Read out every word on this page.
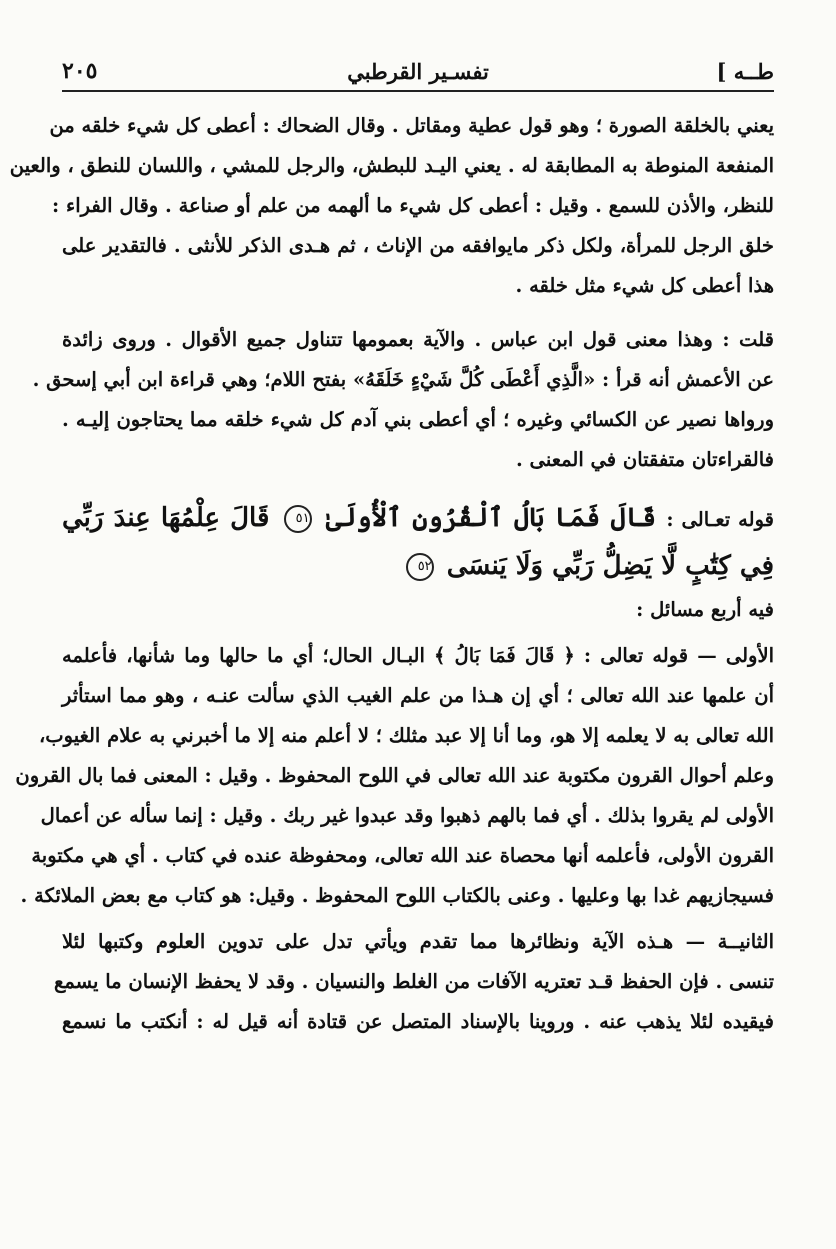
طــه ]
تفسـير القرطبي
٢٠٥
يعني بالخلقة الصورة ؛ وهو قول عطية ومقاتل . وقال الضحاك : أعطى كل شيء خلقه من
المنفعة المنوطة به المطابقة له . يعني اليـد للبطش، والرجل للمشي ، واللسان للنطق ، والعين
للنظر، والأذن للسمع . وقيل : أعطى كل شيء ما ألهمه من علم أو صناعة . وقال الفراء :
خلق الرجل للمرأة، ولكل ذكر مايوافقه من الإناث ، ثم هـدى الذكر للأنثى . فالتقدير على
هذا أعطى كل شيء مثل خلقه .
قلت : وهذا معنى قول ابن عباس . والآية بعمومها تتناول جميع الأقوال . وروى زائدة
عن الأعمش أنه قرأ : «الَّذِي أَعْطَى كُلَّ شَيْءٍ خَلَقَهُ» بفتح اللام؛ وهي قراءة ابن أبي إسحق .
ورواها نصير عن الكسائي وغيره ؛ أي أعطى بني آدم كل شيء خلقه مما يحتاجون إليـه .
فالقراءتان متفقتان في المعنى .
قوله تعـالى : قَالَ فَمَا بَالُ ٱلْقُرُونِ ٱلْأُولَىٰ ٥١ قَالَ عِلْمُهَا عِندَ رَبِّي
فِي كِتَٰبٍ لَّا يَضِلُّ رَبِّي وَلَا يَنسَى ٥٢
فيه أربع مسائل :
الأولى — قوله تعالى : ﴿ قَالَ فَمَا بَالُ ﴾ البـال الحال؛ أي ما حالها وما شأنها، فأعلمه
أن علمها عند الله تعالى ؛ أي إن هـذا من علم الغيب الذي سألت عنـه ، وهو مما استأثر
الله تعالى به لا يعلمه إلا هو، وما أنا إلا عبد مثلك ؛ لا أعلم منه إلا ما أخبرني به علام الغيوب،
وعلم أحوال القرون مكتوبة عند الله تعالى في اللوح المحفوظ . وقيل : المعنى فما بال القرون
الأولى لم يقروا بذلك . أي فما بالهم ذهبوا وقد عبدوا غير ربك . وقيل : إنما سأله عن أعمال
القرون الأولى، فأعلمه أنها محصاة عند الله تعالى، ومحفوظة عنده في كتاب . أي هي مكتوبة
فسيجازيهم غدا بها وعليها . وعنى بالكتاب اللوح المحفوظ . وقيل: هو كتاب مع بعض الملائكة .
الثانيــة — هـذه الآية ونظائرها مما تقدم ويأتي تدل على تدوين العلوم وكتبها لئلا
تنسى . فإن الحفظ قـد تعتريه الآفات من الغلط والنسيان . وقد لا يحفظ الإنسان ما يسمع
فيقيده لئلا يذهب عنه . وروينا بالإسناد المتصل عن قتادة أنه قيل له : أنكتب ما نسمع
